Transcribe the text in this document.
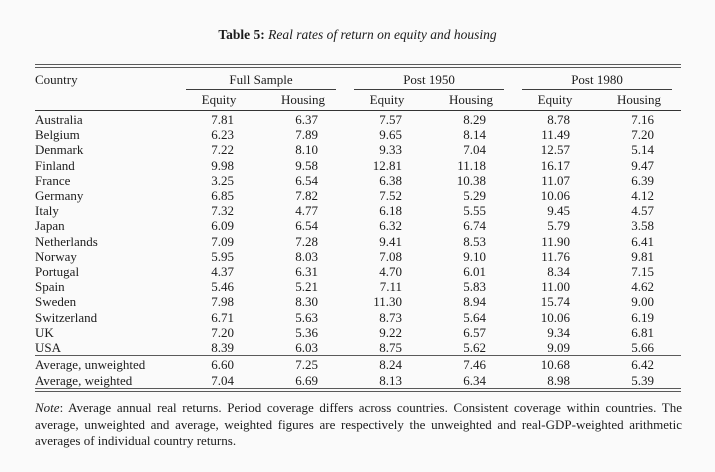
Table 5: Real rates of return on equity and housing
Country	Full Sample		Post 1950		Post 1980	

	Equity	Housing	Equity	Housing	Equity	Housing
Australia	7.81	6.37	7.57	8.29	8.78	7.16
Belgium	6.23	7.89	9.65	8.14	11.49	7.20
Denmark	7.22	8.10	9.33	7.04	12.57	5.14
Finland	9.98	9.58	12.81	11.18	16.17	9.47
France	3.25	6.54	6.38	10.38	11.07	6.39
Germany	6.85	7.82	7.52	5.29	10.06	4.12
Italy	7.32	4.77	6.18	5.55	9.45	4.57
Japan	6.09	6.54	6.32	6.74	5.79	3.58
Netherlands	7.09	7.28	9.41	8.53	11.90	6.41
Norway	5.95	8.03	7.08	9.10	11.76	9.81
Portugal	4.37	6.31	4.70	6.01	8.34	7.15
Spain	5.46	5.21	7.11	5.83	11.00	4.62
Sweden	7.98	8.30	11.30	8.94	15.74	9.00
Switzerland	6.71	5.63	8.73	5.64	10.06	6.19
UK	7.20	5.36	9.22	6.57	9.34	6.81
USA	8.39	6.03	8.75	5.62	9.09	5.66
Average, unweighted	6.60	7.25	8.24	7.46	10.68	6.42
Average, weighted	7.04	6.69	8.13	6.34	8.98	5.39
Note: Average annual real returns. Period coverage differs across countries. Consistent coverage within countries. The average, unweighted and average, weighted figures are respectively the unweighted and real-GDP-weighted arithmetic averages of individual country returns.
